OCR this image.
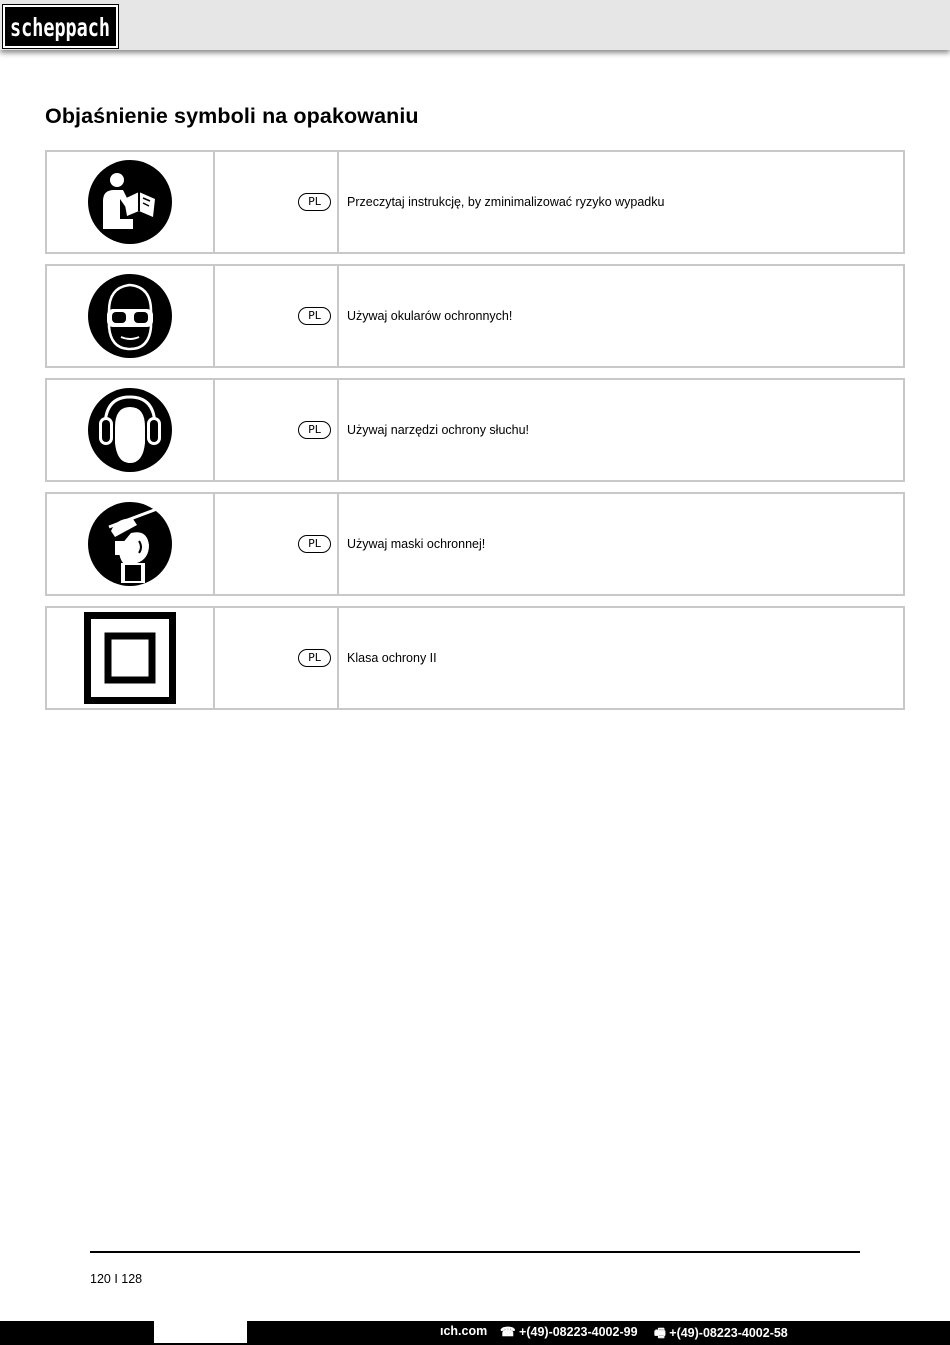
scheppach
Objaśnienie symboli na opakowaniu
PL	Przeczytaj instrukcję, by zminimalizować ryzyko wypadku
PL	Używaj okularów ochronnych!
PL	Używaj narzędzi ochrony słuchu!
PL	Używaj maski ochronnej!
PL	Klasa ochrony II
120 I 128
ıch.com ☎ +(49)-08223-4002-99 🖷 +(49)-08223-4002-58
